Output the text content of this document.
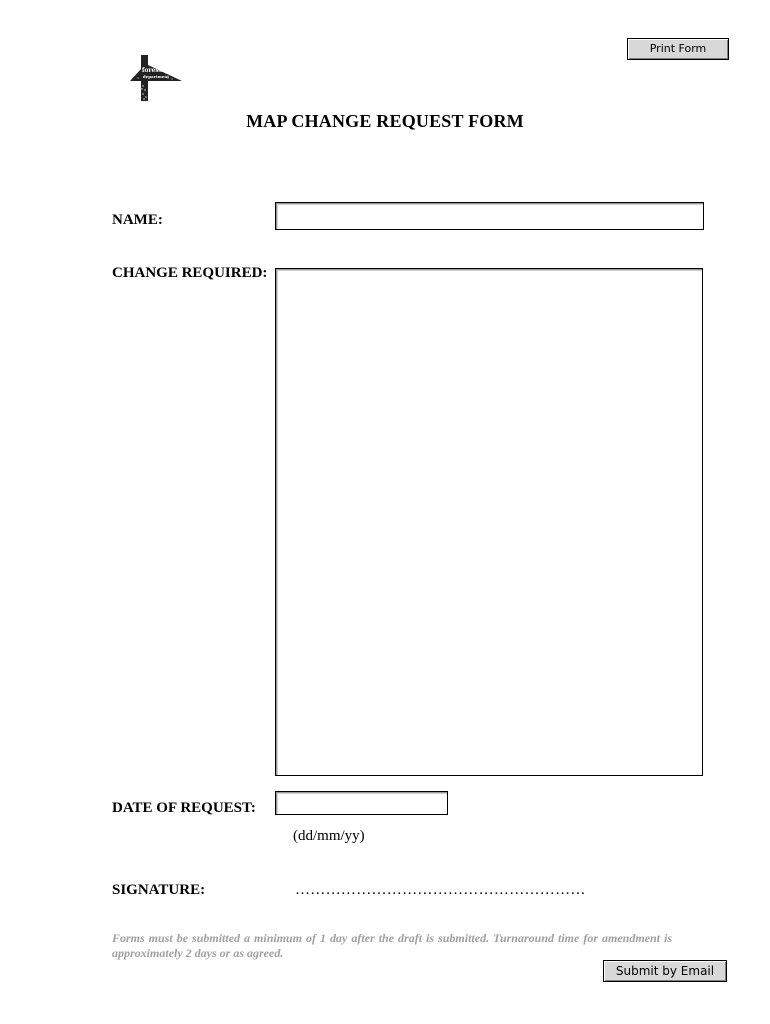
Print Form
forestry
department
MAP CHANGE REQUEST FORM
NAME:
CHANGE REQUIRED:
DATE OF REQUEST:
(dd/mm/yy)
SIGNATURE:	…………………………………………………
Forms must be submitted a minimum of 1 day after the draft is submitted. Turnaround time for amendment is approximately 2 days or as agreed.
Submit by Email
